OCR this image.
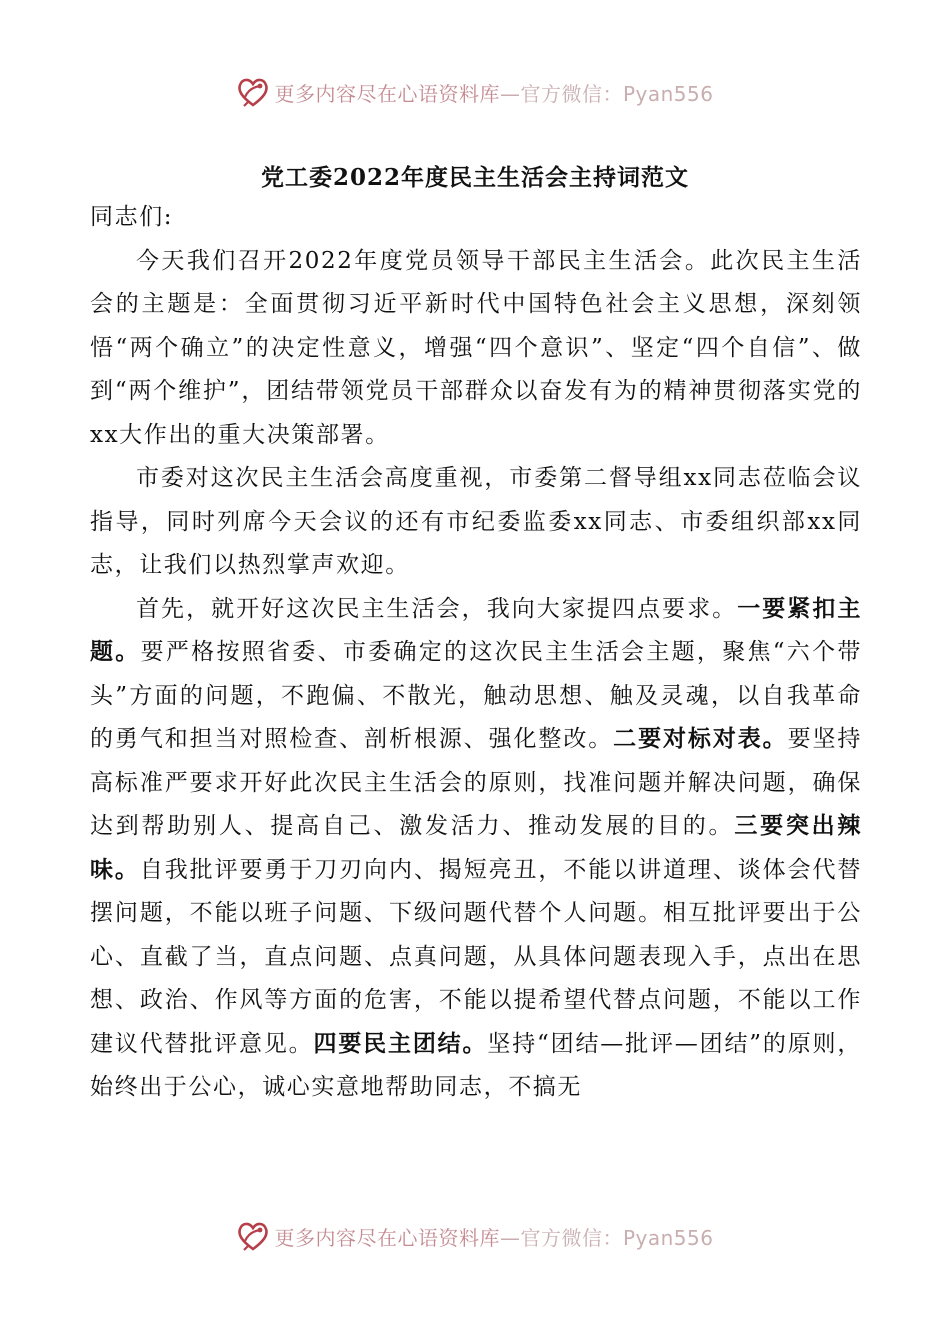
更多内容尽在心语资料库—官方微信：Pyan556
党工委2022年度民主生活会主持词范文

同志们:

今天我们召开2022年度党员领导干部民主生活会。此次民主生活会的主题是：全面贯彻习近平新时代中国特色社会主义思想，深刻领悟“两个确立”的决定性意义，增强“四个意识”、坚定“四个自信”、做到“两个维护”，团结带领党员干部群众以奋发有为的精神贯彻落实党的xx大作出的重大决策部署。

市委对这次民主生活会高度重视，市委第二督导组xx同志莅临会议指导，同时列席今天会议的还有市纪委监委xx同志、市委组织部xx同志，让我们以热烈掌声欢迎。

首先，就开好这次民主生活会，我向大家提四点要求。一要紧扣主题。要严格按照省委、市委确定的这次民主生活会主题，聚焦“六个带头”方面的问题，不跑偏、不散光，触动思想、触及灵魂，以自我革命的勇气和担当对照检查、剖析根源、强化整改。二要对标对表。要坚持高标准严要求开好此次民主生活会的原则，找准问题并解决问题，确保达到帮助别人、提高自己、激发活力、推动发展的目的。三要突出辣味。自我批评要勇于刀刃向内、揭短亮丑，不能以讲道理、谈体会代替摆问题，不能以班子问题、下级问题代替个人问题。相互批评要出于公心、直截了当，直点问题、点真问题，从具体问题表现入手，点出在思想、政治、作风等方面的危害，不能以提希望代替点问题，不能以工作建议代替批评意见。四要民主团结。坚持“团结—批评—团结”的原则，始终出于公心，诚心实意地帮助同志，不搞无

更多内容尽在心语资料库—官方微信：Pyan556
